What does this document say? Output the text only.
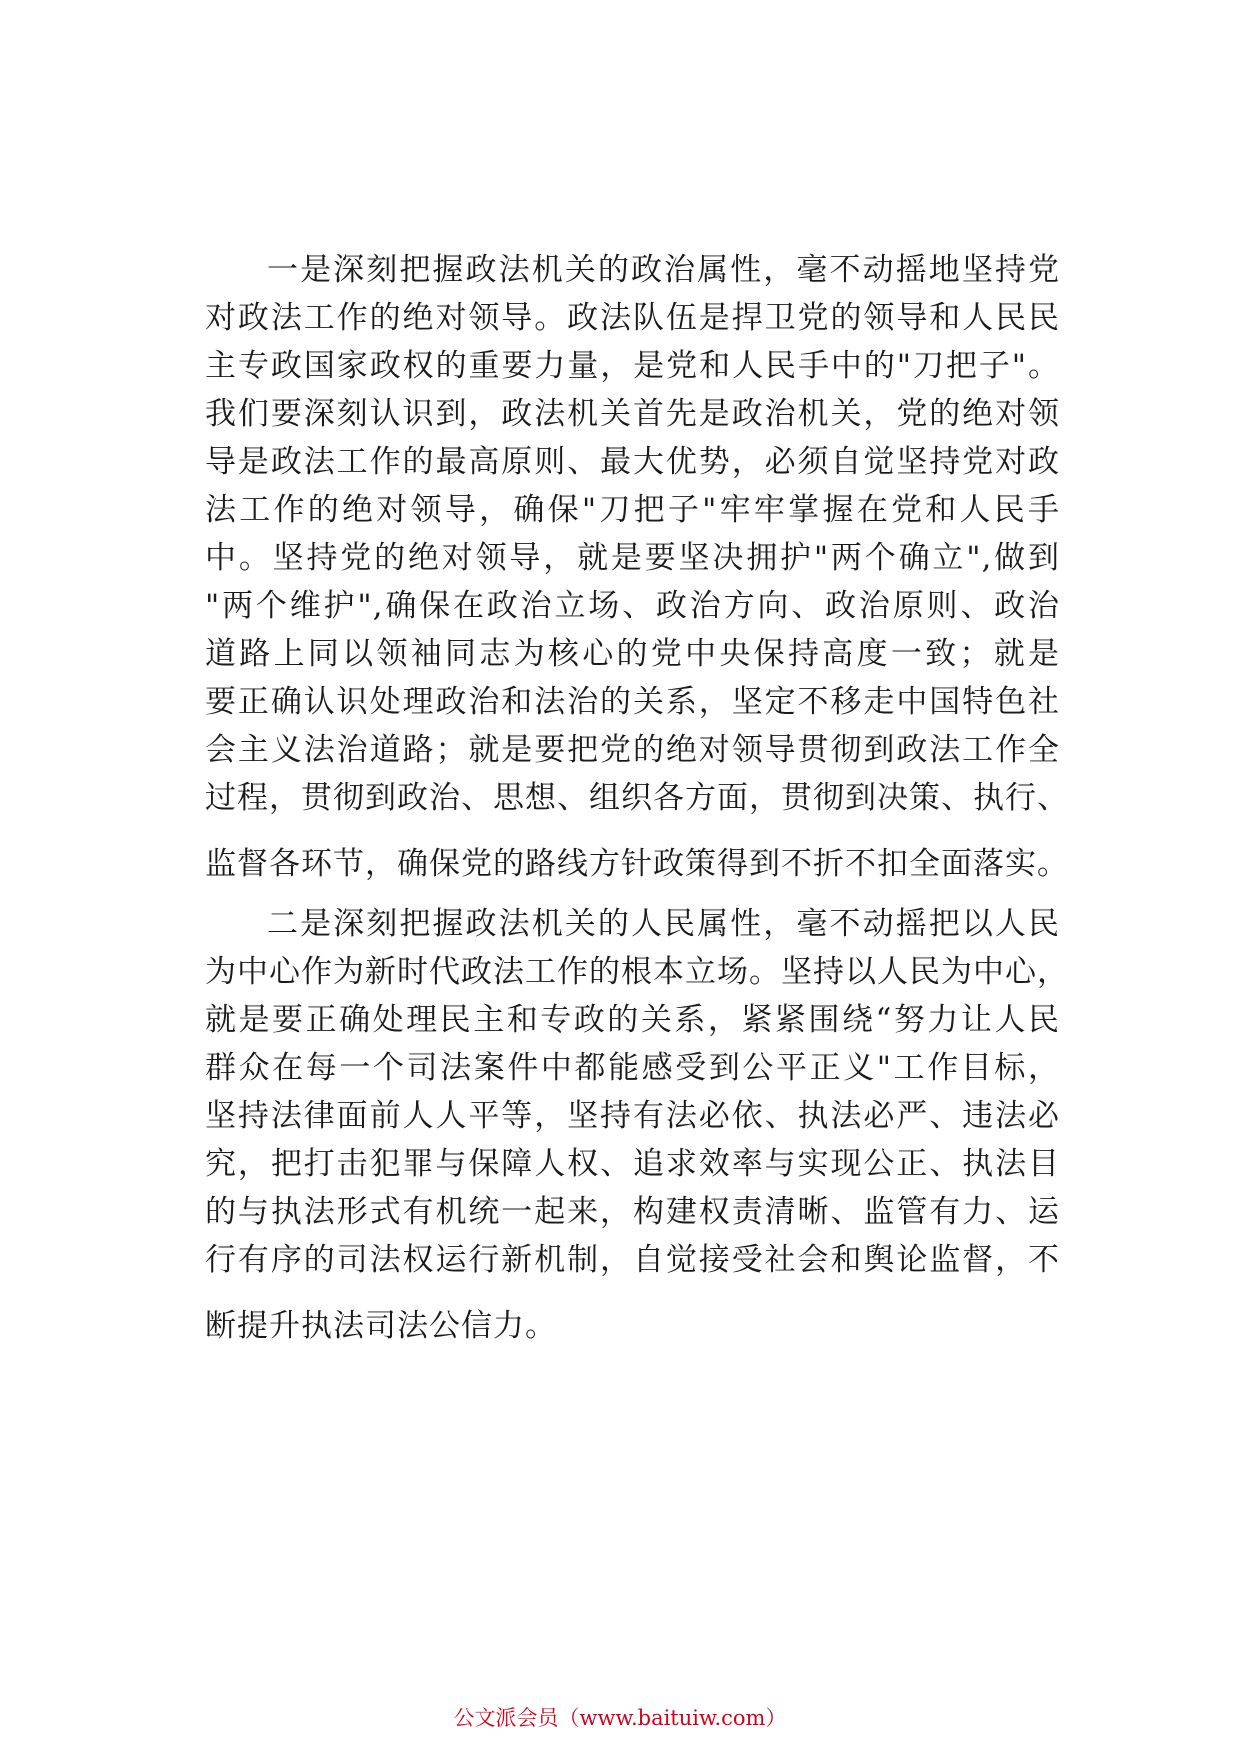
一是深刻把握政法机关的政治属性，毫不动摇地坚持党
对政法工作的绝对领导。政法队伍是捍卫党的领导和人民民
主专政国家政权的重要力量，是党和人民手中的"刀把子"。
我们要深刻认识到，政法机关首先是政治机关，党的绝对领
导是政法工作的最高原则、最大优势，必须自觉坚持党对政
法工作的绝对领导，确保"刀把子"牢牢掌握在党和人民手
中。坚持党的绝对领导，就是要坚决拥护"两个确立",做到
"两个维护",确保在政治立场、政治方向、政治原则、政治
道路上同以领袖同志为核心的党中央保持高度一致；就是
要正确认识处理政治和法治的关系，坚定不移走中国特色社
会主义法治道路；就是要把党的绝对领导贯彻到政法工作全
过程，贯彻到政治、思想、组织各方面，贯彻到决策、执行、
监督各环节，确保党的路线方针政策得到不折不扣全面落实。
二是深刻把握政法机关的人民属性，毫不动摇把以人民
为中心作为新时代政法工作的根本立场。坚持以人民为中心，
就是要正确处理民主和专政的关系，紧紧围绕“努力让人民
群众在每一个司法案件中都能感受到公平正义"工作目标，
坚持法律面前人人平等，坚持有法必依、执法必严、违法必
究，把打击犯罪与保障人权、追求效率与实现公正、执法目
的与执法形式有机统一起来，构建权责清晰、监管有力、运
行有序的司法权运行新机制，自觉接受社会和舆论监督，不
断提升执法司法公信力。
公文派会员（www.baituiw.com）
